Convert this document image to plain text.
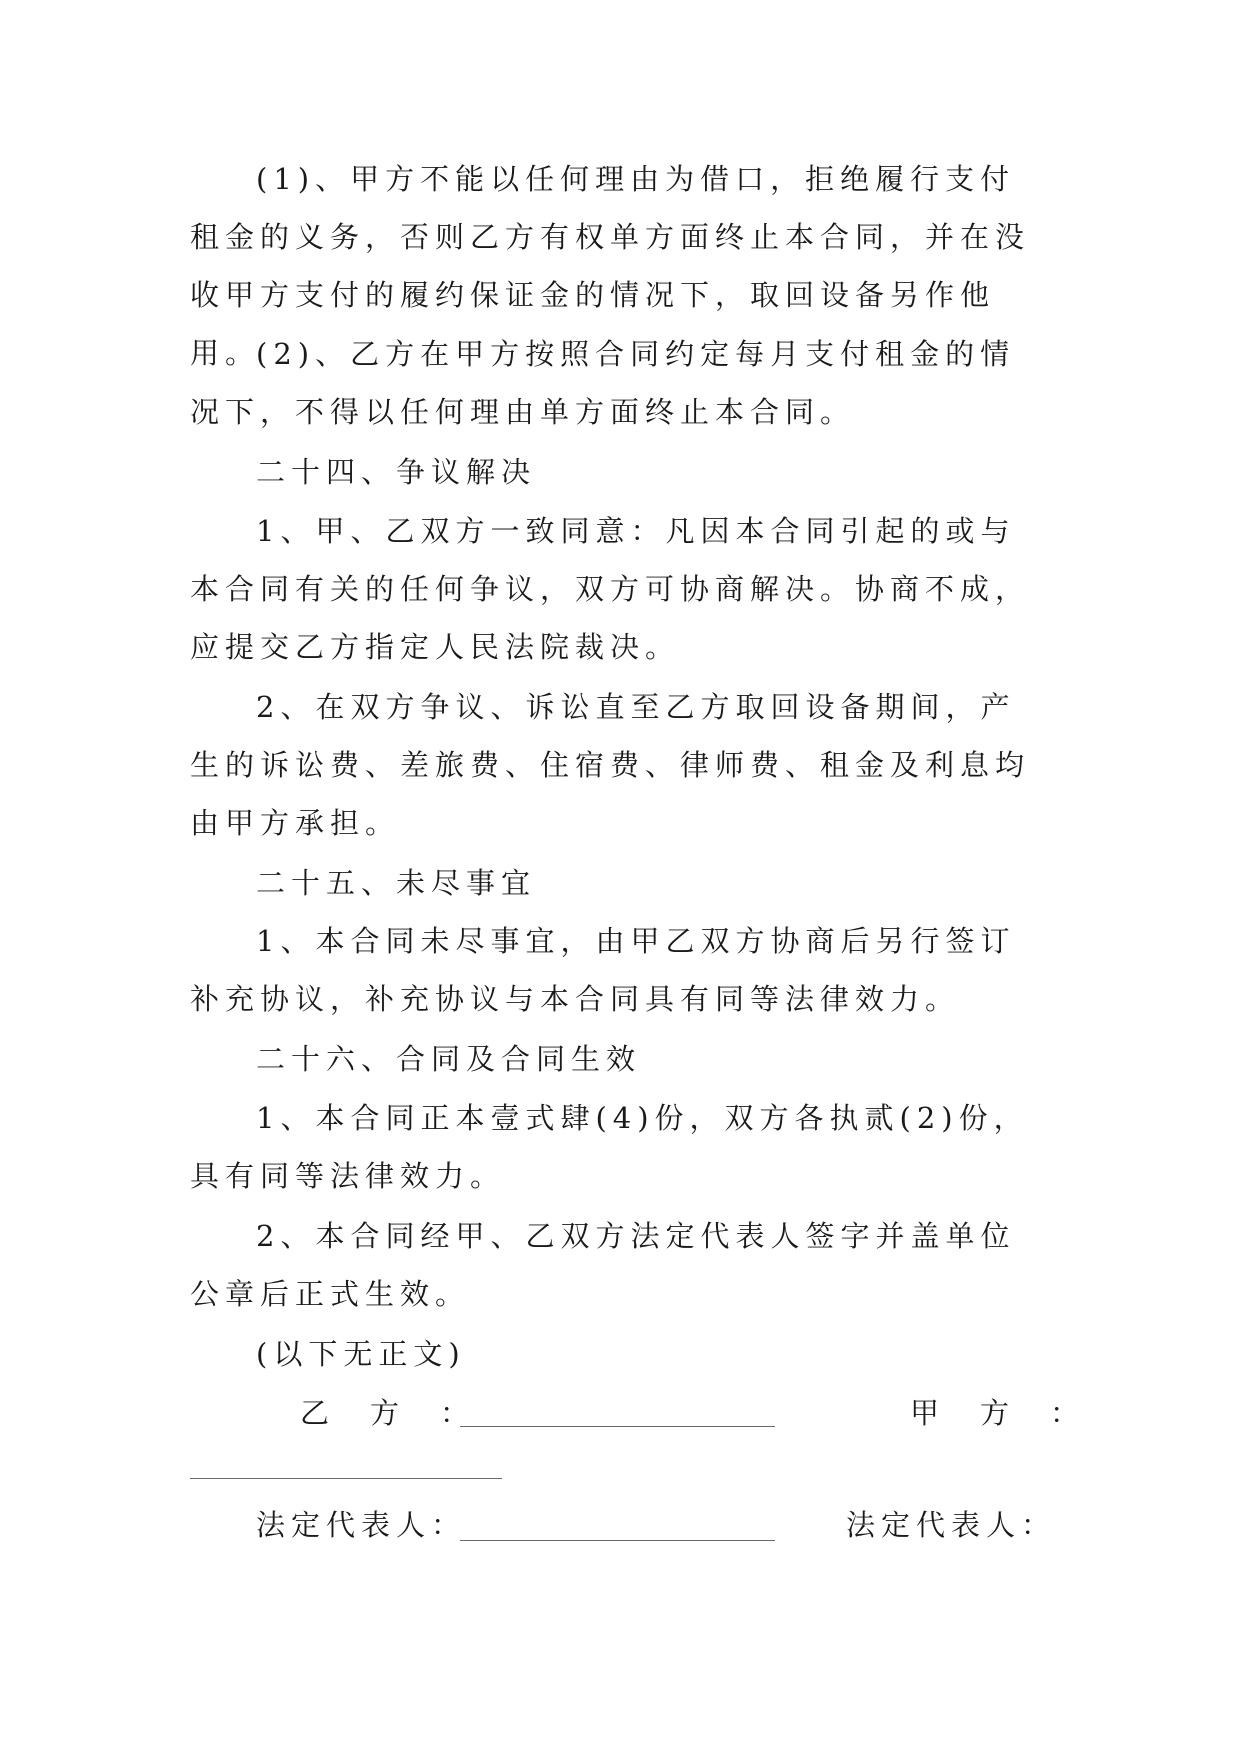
(1)、甲方不能以任何理由为借口，拒绝履行支付租金的义务，否则乙方有权单方面终止本合同，并在没收甲方支付的履约保证金的情况下，取回设备另作他用。

(2)、乙方在甲方按照合同约定每月支付租金的情况下，不得以任何理由单方面终止本合同。

二十四、争议解决

1、甲、乙双方一致同意：凡因本合同引起的或与本合同有关的任何争议，双方可协商解决。协商不成，应提交乙方指定人民法院裁决。

2、在双方争议、诉讼直至乙方取回设备期间，产生的诉讼费、差旅费、住宿费、律师费、租金及利息均由甲方承担。

二十五、未尽事宜

1、本合同未尽事宜，由甲乙双方协商后另行签订补充协议，补充协议与本合同具有同等法律效力。

二十六、合同及合同生效

1、本合同正本壹式肆(4)份，双方各执贰(2)份，具有同等法律效力。

2、本合同经甲、乙双方法定代表人签字并盖单位公章后正式生效。

(以下无正文)

乙　方　：	甲　方　：
法定代表人：	法定代表人：
